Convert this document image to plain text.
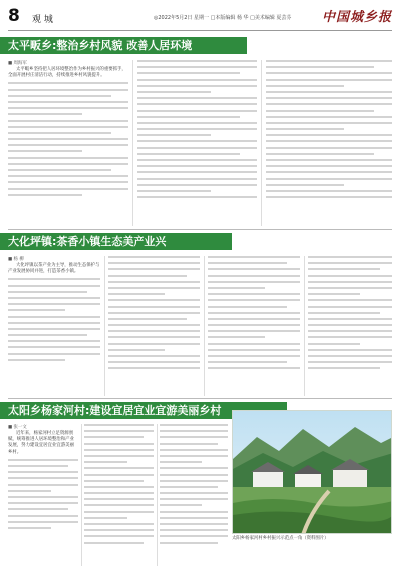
8 观 城	◎2022年5月2日 星期一 □本版编辑 杨 华 □美术编辑 夏芸芬 中国城乡报
太平畈乡:整治乡村风貌 改善人居环境
■ 周海军

太平畈乡坚持把人居环境整治作为乡村振兴的重要抓手，全面开展村庄清洁行动，持续推进乡村风貌提升。

大化坪镇:茶香小镇生态美产业兴
■ 杨 柳

大化坪镇以茶产业为主导，推动生态保护与产业发展协同并进，打造茶香小镇。

太阳乡杨家河村:建设宜居宜业宜游美丽乡村
■ 张一文

近年来，杨家河村立足资源禀赋，统筹推进人居环境整治和产业发展，努力建设宜居宜业宜游美丽乡村。

太阳乡杨家河村乡村振兴示范点一角（资料图片）
